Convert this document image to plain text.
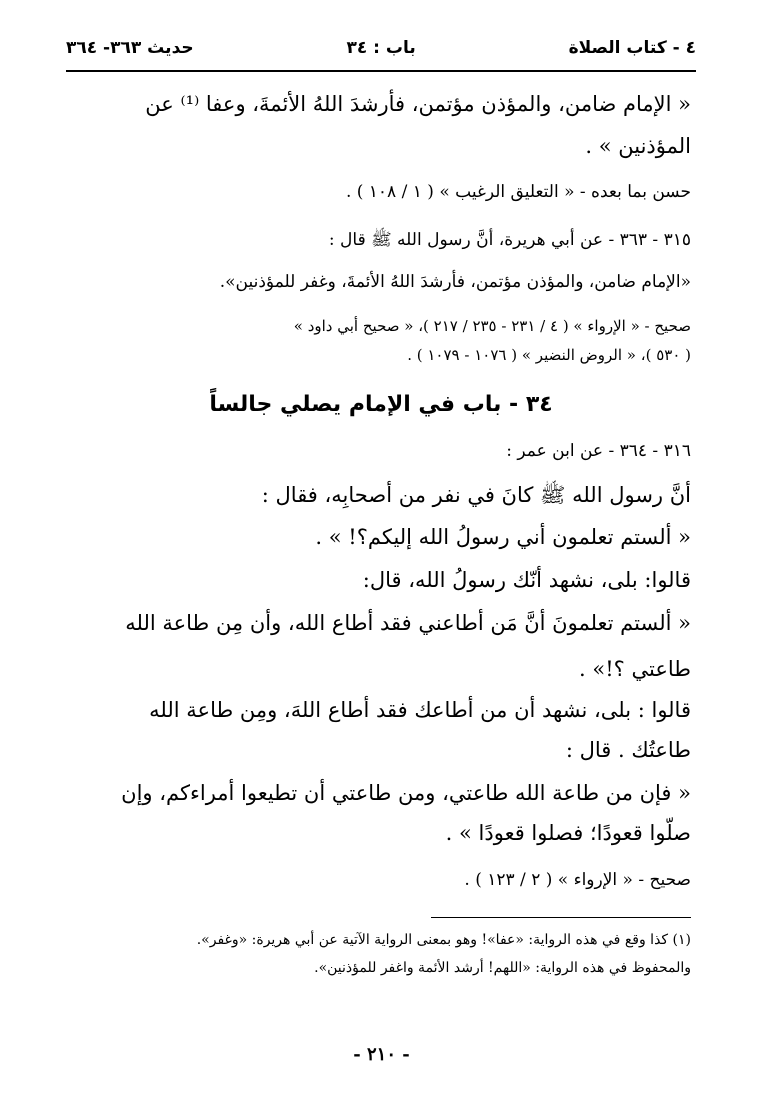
٤ - كتاب الصلاة
باب : ٣٤
حديث ٣٦٣- ٣٦٤
« الإمام ضامن، والمؤذن مؤتمن، فأرشدَ اللهُ الأئمةَ، وعفا ⁽¹⁾ عن
المؤذنين » .
حسن بما بعده - « التعليق الرغيب » ( ١ / ١٠٨ ) .
٣١٥ - ٣٦٣ - عن أبي هريرة، أنَّ رسول الله ﷺ قال :
«الإمام ضامن، والمؤذن مؤتمن، فأرشدَ اللهُ الأئمةَ، وغفر للمؤذنين».
صحيح - « الإرواء » ( ٤ / ٢٣١ - ٢٣٥ / ٢١٧ )، « صحيح أبي داود »
( ٥٣٠ )، « الروض النضير » ( ١٠٧٦ - ١٠٧٩ ) .
٣٤ - باب في الإمام يصلي جالساً
٣١٦ - ٣٦٤ - عن ابن عمر :
أنَّ رسول الله ﷺ كانَ في نفر من أصحابِه، فقال :
« ألستم تعلمون أني رسولُ الله إليكم؟! » .
قالوا: بلى، نشهد أنّك رسولُ الله، قال:
« ألستم تعلمونَ أنَّ مَن أطاعني فقد أطاع الله، وأن مِن طاعة الله
طاعتي ؟!» .
قالوا : بلى، نشهد أن من أطاعك فقد أطاع اللهَ، ومِن طاعة الله
طاعتُك . قال :
« فإن من طاعة الله طاعتي، ومن طاعتي أن تطيعوا أمراءكم، وإن
صلّوا قعودًا؛ فصلوا قعودًا » .
صحيح - « الإرواء » ( ٢ / ١٢٣ ) .
(١) كذا وقع في هذه الرواية: «عفا»! وهو بمعنى الرواية الآتية عن أبي هريرة: «وغفر».
والمحفوظ في هذه الرواية: «اللهم! أرشد الأئمة واغفر للمؤذنين».
- ٢١٠ -
